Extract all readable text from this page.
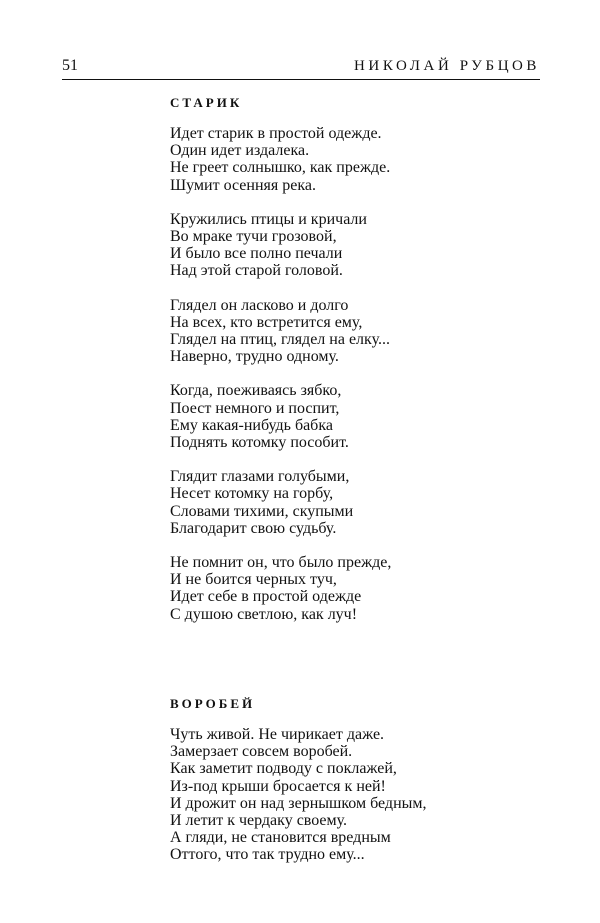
51	НИКОЛАЙ РУБЦОВ
СТАРИК
Идет старик в простой одежде.
Один идет издалека.
Не греет солнышко, как прежде.
Шумит осенняя река.
Кружились птицы и кричали
Во мраке тучи грозовой,
И было все полно печали
Над этой старой головой.
Глядел он ласково и долго
На всех, кто встретится ему,
Глядел на птиц, глядел на елку...
Наверно, трудно одному.
Когда, поеживаясь зябко,
Поест немного и поспит,
Ему какая-нибудь бабка
Поднять котомку пособит.
Глядит глазами голубыми,
Несет котомку на горбу,
Словами тихими, скупыми
Благодарит свою судьбу.
Не помнит он, что было прежде,
И не боится черных туч,
Идет себе в простой одежде
С душою светлою, как луч!
ВОРОБЕЙ
Чуть живой. Не чирикает даже.
Замерзает совсем воробей.
Как заметит подводу с поклажей,
Из-под крыши бросается к ней!
И дрожит он над зернышком бедным,
И летит к чердаку своему.
А гляди, не становится вредным
Оттого, что так трудно ему...
